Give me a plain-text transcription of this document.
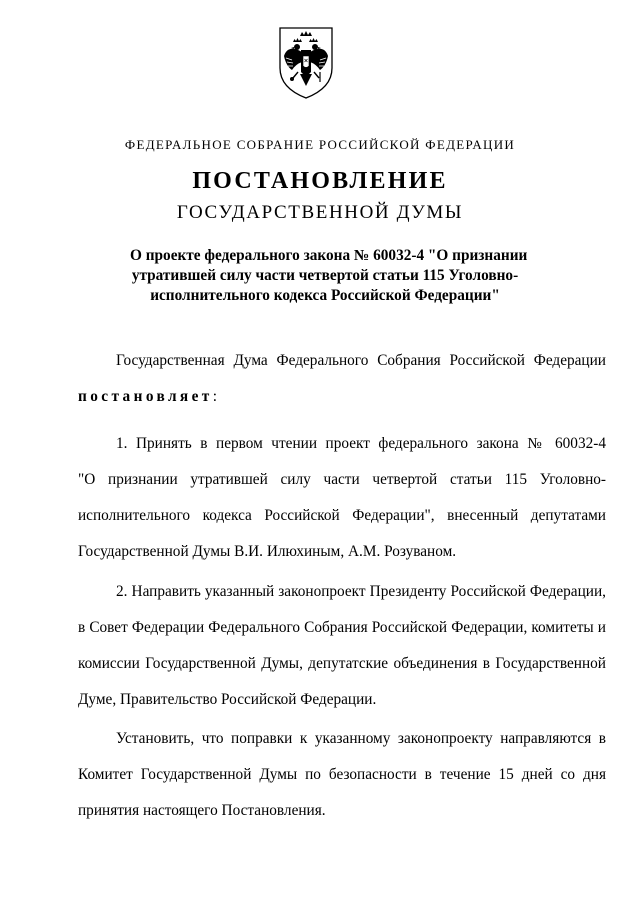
ФЕДЕРАЛЬНОЕ СОБРАНИЕ РОССИЙСКОЙ ФЕДЕРАЦИИ
ПОСТАНОВЛЕНИЕ
ГОСУДАРСТВЕННОЙ ДУМЫ
О проекте федерального закона № 60032-4 "О признании
утратившей силу части четвертой статьи 115 Уголовно-
исполнительного кодекса Российской Федерации"
Государственная Дума Федерального Собрания Российской Федерации
постановляет:
1. Принять в первом чтении проект федерального закона № 60032-4
"О признании утратившей силу части четвертой статьи 115 Уголовно-
исполнительного кодекса Российской Федерации", внесенный депутатами
Государственной Думы В.И. Илюхиным, А.М. Розуваном.
2. Направить указанный законопроект Президенту Российской Федерации,
в Совет Федерации Федерального Собрания Российской Федерации, комитеты и
комиссии Государственной Думы, депутатские объединения в Государственной
Думе, Правительство Российской Федерации.
Установить, что поправки к указанному законопроекту направляются в
Комитет Государственной Думы по безопасности в течение 15 дней со дня
принятия настоящего Постановления.
